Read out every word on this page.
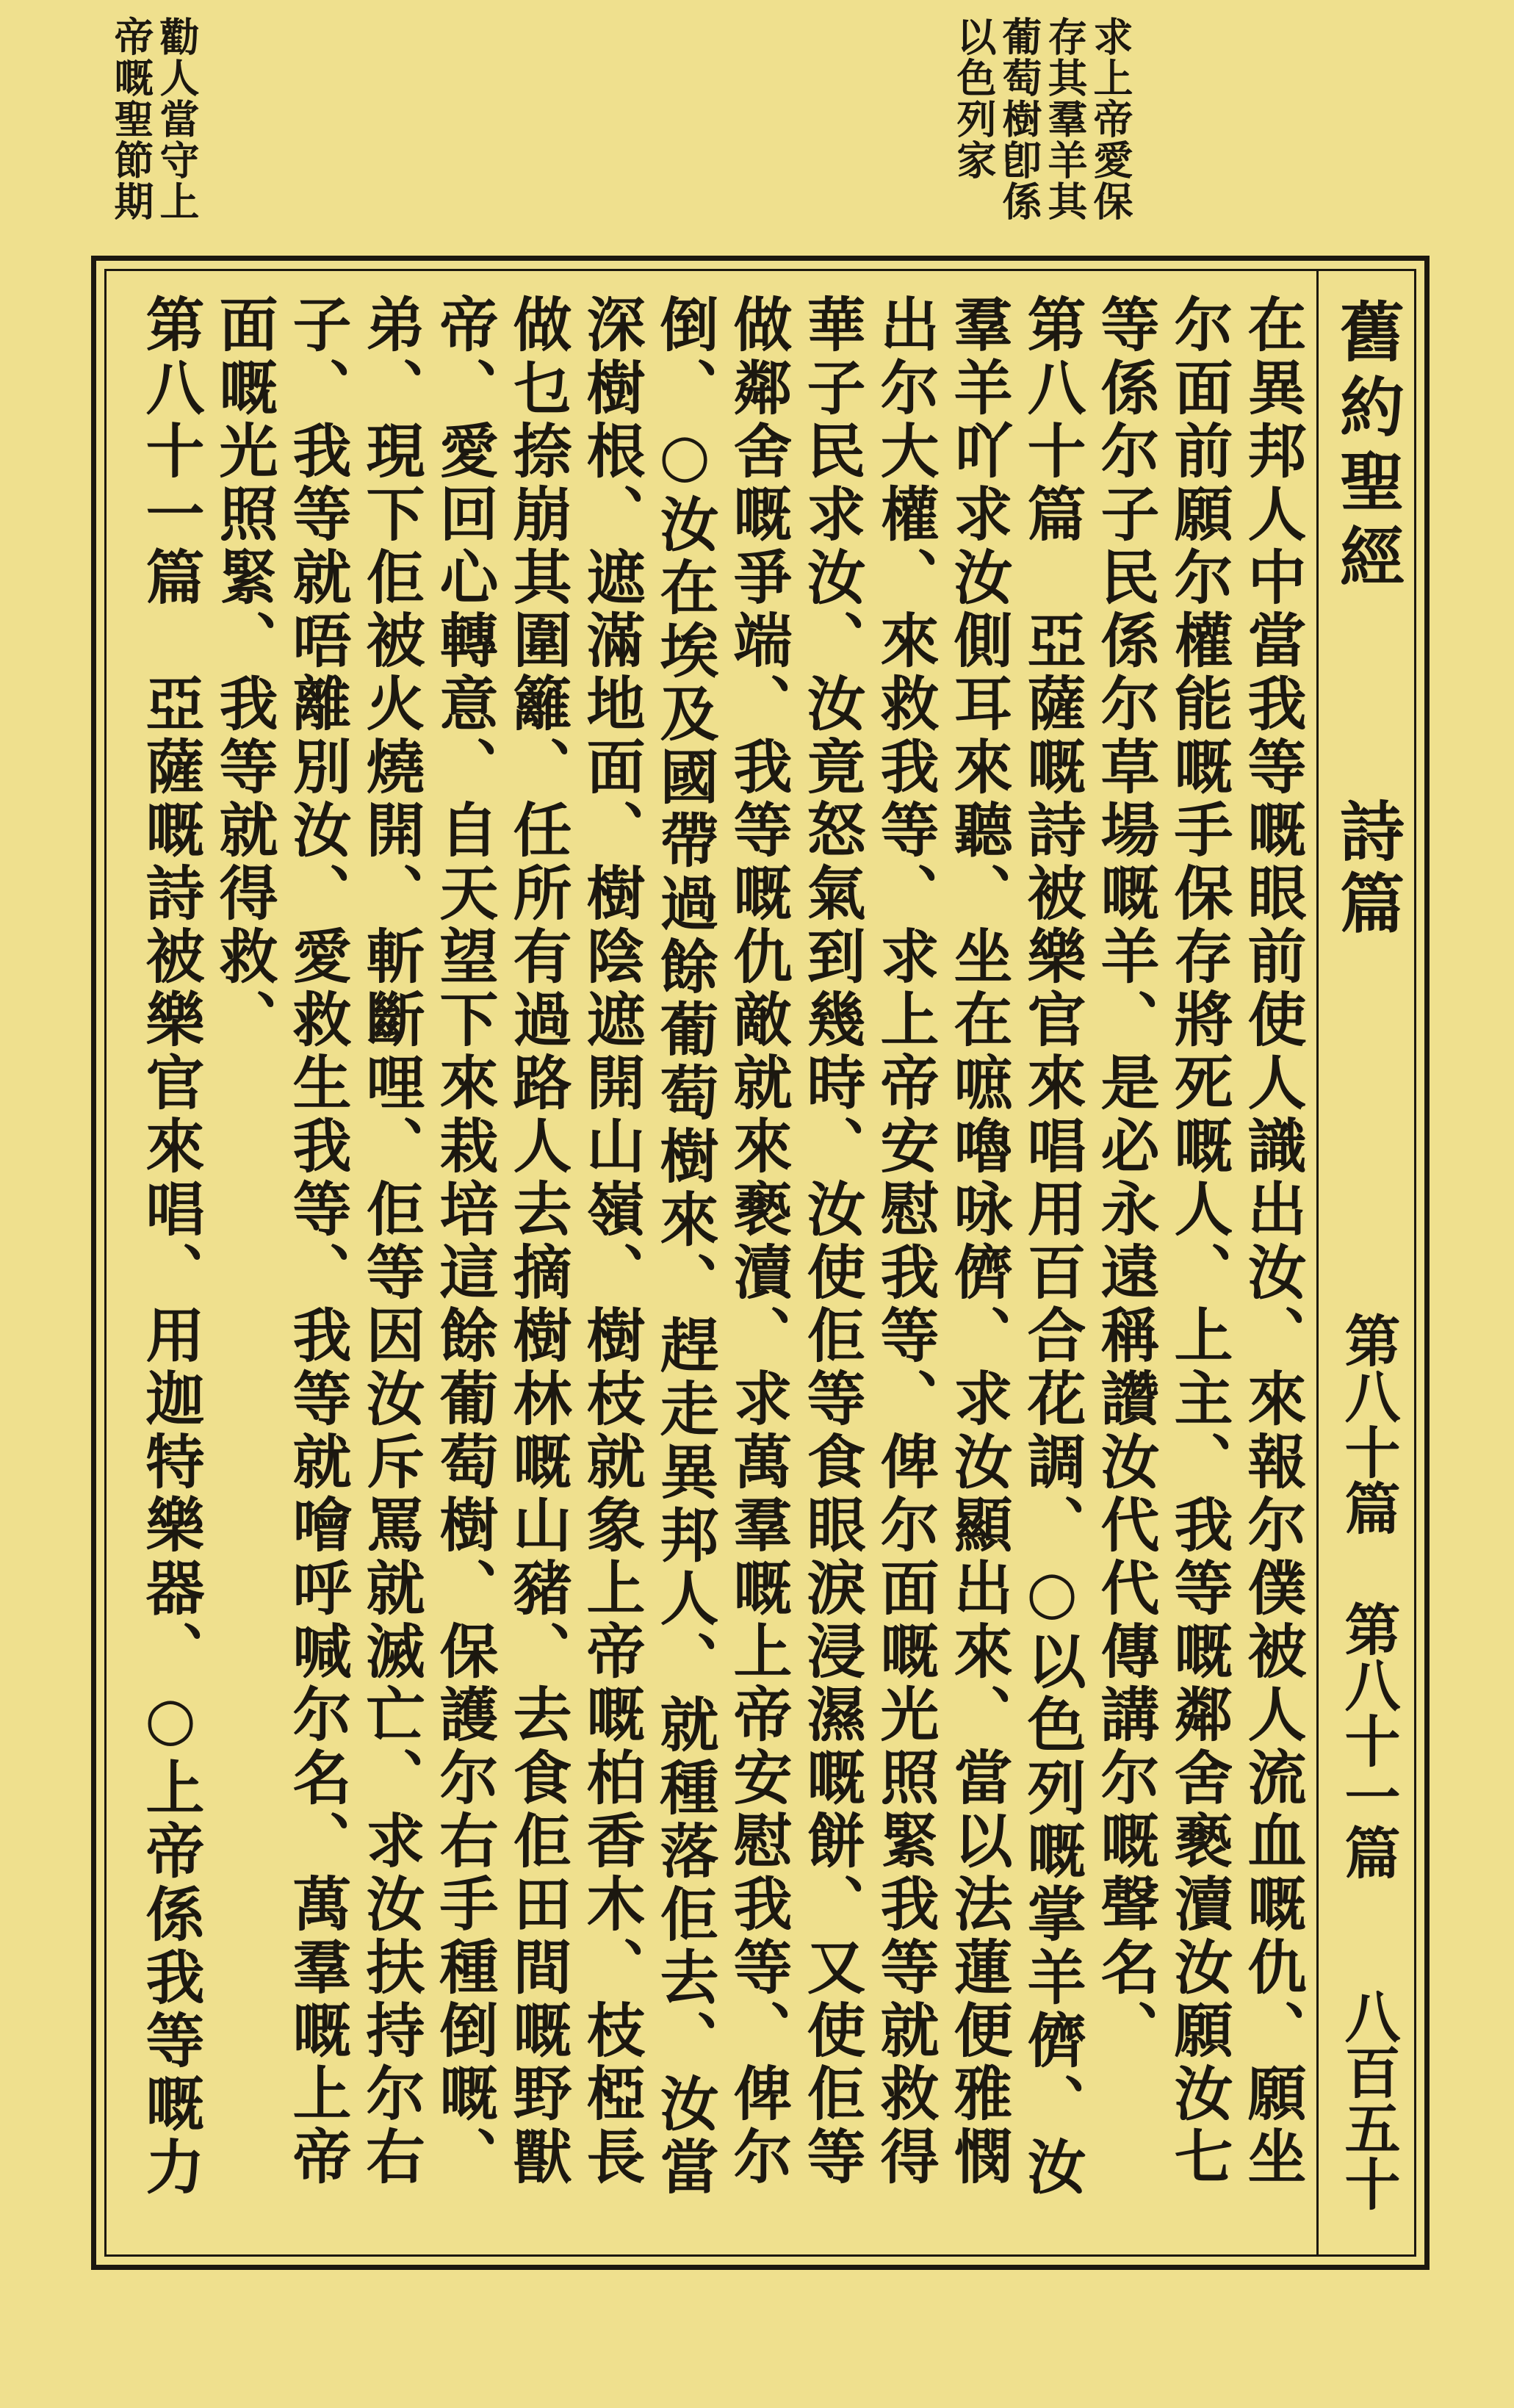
求上帝愛保
存其羣羊其
葡萄樹卽係
以色列家
勸人當守上
帝嘅聖節期
舊約聖經
詩篇
第八十篇 第八十一篇
八百五十
在異邦人中當我等嘅眼前使人識出汝、來報尔僕被人流血嘅仇、願坐
尔面前願尔權能嘅手保存將死嘅人、上主、我等嘅鄰舍褻瀆汝願汝七
等係尔子民係尔草場嘅羊、是必永遠稱讚汝代代傳講尔嘅聲名、
第八十篇　亞薩嘅詩被樂官來唱用百合花調、○以色列嘅掌羊儕、汝
羣羊吖求汝側耳來聽、坐在嗻嚕咏儕、求汝顯出來、當以法蓮便雅憫
出尔大權、來救我等、求上帝安慰我等、俾尔面嘅光照緊我等就救得
華子民求汝、汝竟怒氣到幾時、汝使佢等食眼淚浸濕嘅餅、又使佢等
做鄰舍嘅爭端、我等嘅仇敵就來褻瀆、求萬羣嘅上帝安慰我等、俾尔
倒、○汝在埃及國帶過餘葡萄樹來、趕走異邦人、就種落佢去、汝當
深樹根、遮滿地面、樹陰遮開山嶺、樹枝就象上帝嘅柏香木、枝椏長
做乜捺崩其圍籬、任所有過路人去摘樹林嘅山豬、去食佢田間嘅野獸
帝、愛回心轉意、自天望下來栽培這餘葡萄樹、保護尔右手種倒嘅、
弟、現下佢被火燒開、斬斷哩、佢等因汝斥罵就滅亡、求汝扶持尔右
子、我等就唔離別汝、愛救生我等、我等就噲呼喊尔名、萬羣嘅上帝
面嘅光照緊、我等就得救、
第八十一篇　亞薩嘅詩被樂官來唱、用迦特樂器、○上帝係我等嘅力
